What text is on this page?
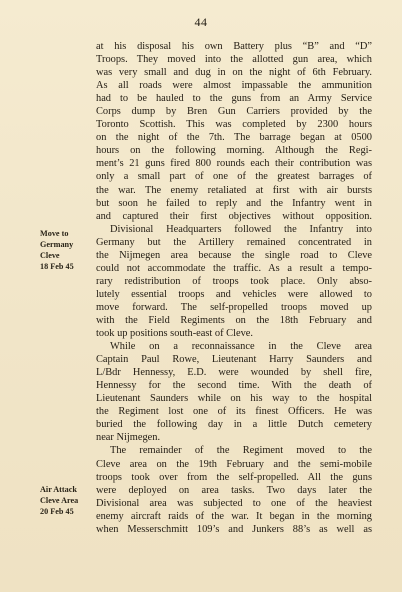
44
Move to
Germany
Cleve
18 Feb 45
Air Attack
Cleve Area
20 Feb 45
at his disposal his own Battery plus “B” and “D”
Troops. They moved into the allotted gun area, which
was very small and dug in on the night of 6th February.
As all roads were almost impassable the ammunition
had to be hauled to the guns from an Army Service
Corps dump by Bren Gun Carriers provided by the
Toronto Scottish. This was completed by 2300 hours
on the night of the 7th. The barrage began at 0500
hours on the following morning. Although the Regi-
ment’s 21 guns fired 800 rounds each their contribution was
only a small part of one of the greatest barrages of
the war. The enemy retaliated at first with air bursts
but soon he failed to reply and the Infantry went in
and captured their first objectives without opposition.
Divisional Headquarters followed the Infantry into
Germany but the Artillery remained concentrated in
the Nijmegen area because the single road to Cleve
could not accommodate the traffic. As a result a tempo-
rary redistribution of troops took place. Only abso-
lutely essential troops and vehicles were allowed to
move forward. The self-propelled troops moved up
with the Field Regiments on the 18th February and
took up positions south-east of Cleve.
While on a reconnaissance in the Cleve area
Captain Paul Rowe, Lieutenant Harry Saunders and
L/Bdr Hennessy, E.D. were wounded by shell fire,
Hennessy for the second time. With the death of
Lieutenant Saunders while on his way to the hospital
the Regiment lost one of its finest Officers. He was
buried the following day in a little Dutch cemetery
near Nijmegen.
The remainder of the Regiment moved to the
Cleve area on the 19th February and the semi-mobile
troops took over from the self-propelled. All the guns
were deployed on area tasks. Two days later the
Divisional area was subjected to one of the heaviest
enemy aircraft raids of the war. It began in the morning
when Messerschmitt 109’s and Junkers 88’s as well as
